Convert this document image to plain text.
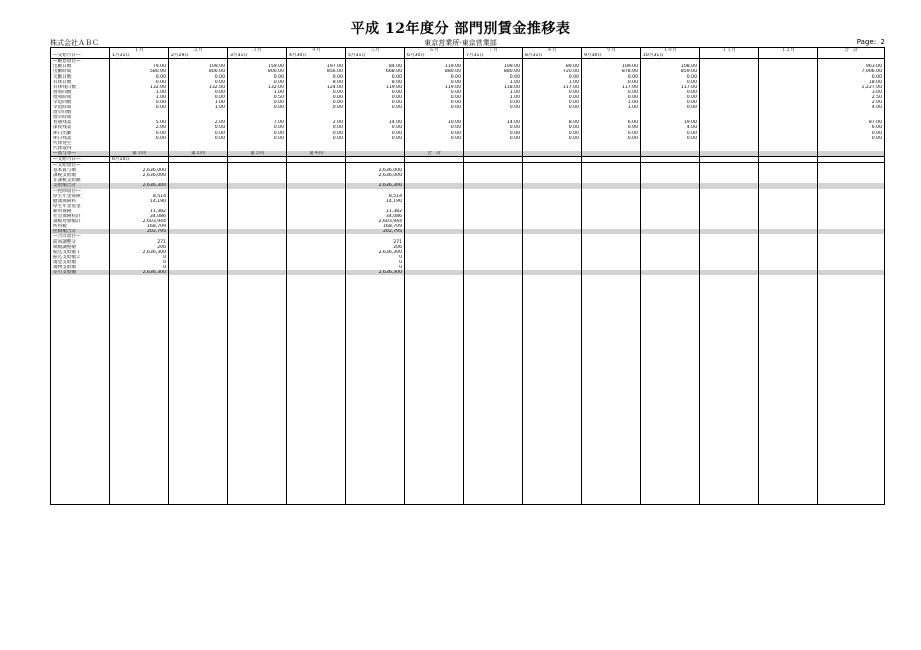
平成 12年度分 部門別賃金推移表
株式会社ＡＢＣ	東京営業所-東京営業部	Page: 2
	１月	２月	３月	４月	５月	６月	７月	８月	９月	１０月	１１月	１２月	合　計
―支給月日―	1月31日	2月29日	3月31日	4月30日	5月31日	6月30日	7月31日	8月31日	9月30日	10月31日			
―勤怠項目―													
出勤日数	79.00	109.00	159.00	197.00	84.00	119.00	109.00	89.00	109.00	108.00			963.00
出勤時間	580.00	800.00	800.00	856.00	668.00	880.00	880.00	720.00	878.00	859.00			7,906.00
欠勤日数	0.00	0.00	0.00	0.00	0.00	0.00	0.00	0.00	0.00	0.00			0.00
有休日数	0.00	0.00	0.00	8.00	8.00	0.00	1.00	1.00	0.00	0.00			18.00
有休残日数	132.00	132.00	132.00	124.00	119.00	119.00	118.00	117.00	117.00	117.00			1,227.00
遅刻回数	1.00	0.00	1.00	0.00	0.00	0.00	1.00	0.00	0.00	0.00			3.00
遅刻時間	1.00	0.00	0.50	0.00	0.00	0.00	1.00	0.00	0.00	0.00			2.50
早退回数	0.00	1.00	0.00	0.00	0.00	0.00	0.00	0.00	1.00	0.00			2.00
早退時間	0.00	1.00	0.00	0.00	0.00	0.00	0.00	0.00	1.00	0.00			4.00
遅早回数													
遅早時間													
普通残業	5.00	2.00	7.00	2.00	14.00	10.00	14.00	8.00	6.00	19.00			87.00
深夜残業	2.00	0.00	0.00	0.00	0.00	0.00	0.00	0.00	0.00	4.00			6.00
休日出勤	0.00	0.00	0.00	0.00	0.00	0.00	0.00	0.00	0.00	0.00			0.00
休日残業	0.00	0.00	0.00	0.00	0.00	0.00	0.00	0.00	0.00	0.00			0.00
代休発生													
代休取得													
―賞与等―	第１回	第２回	第３回	第４回		合　計							
―支給月日―	6月10日												
―支給項目―													
基本賞与額	2,636,000				2,636,000								
課税支給額	2,636,000				2,636,000								
非課税支給額													
支給額合計	2,636,300				2,636,300								
―控除項目―													
厚生年金保険	8,514				8,514								
健康保険料	14,190				14,190								
厚生年金基金													
雇用保険	11,382				11,382								
社会保険料計	34,086				34,086								
課税対象額計	2,603,944				2,603,944								
所得税	168,709				168,709								
控除額合計	202,795				202,795								
―合計項目―													
前回調整分	271				271								
端数調整額	206				206								
振込支給額１	2,636,300				2,636,300								
振込支給額２	0				0								
現金支給額	0				0								
現物支給額	0				0								
差引支給額	2,636,300				2,636,300								
